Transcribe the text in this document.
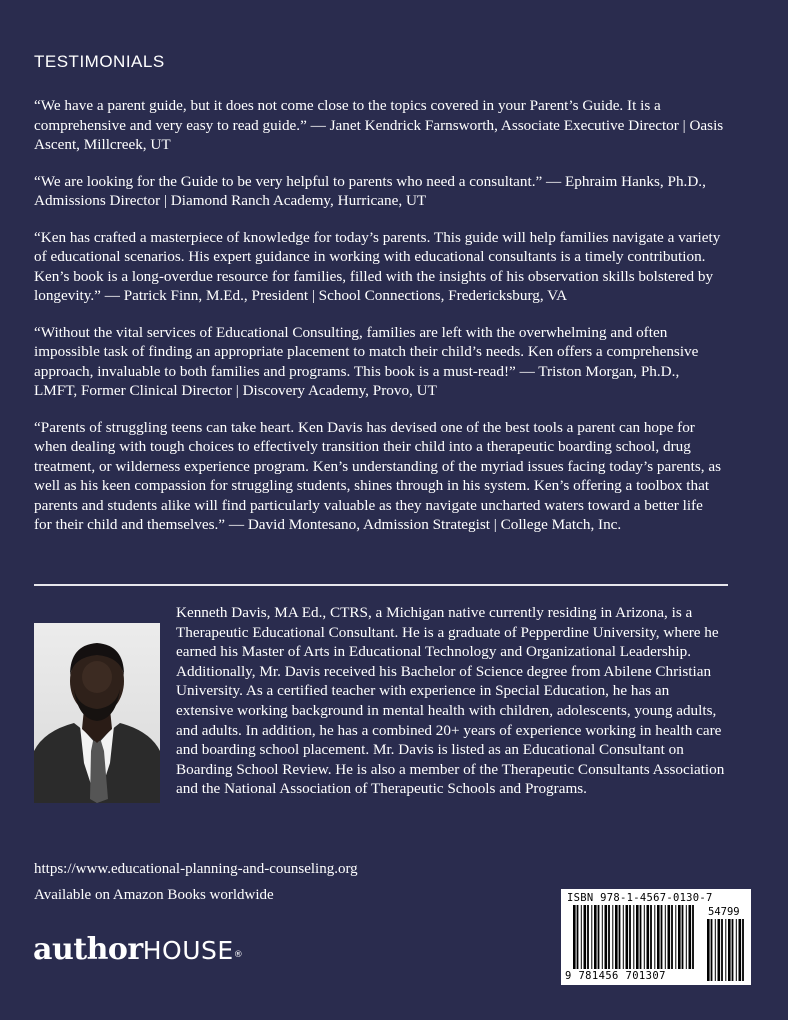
TESTIMONIALS

“We have a parent guide, but it does not come close to the topics covered in your Parent’s Guide. It is a comprehensive and very easy to read guide.” — Janet Kendrick Farnsworth, Associate Executive Director | Oasis Ascent, Millcreek, UT

“We are looking for the Guide to be very helpful to parents who need a consultant.” — Ephraim Hanks, Ph.D., Admissions Director | Diamond Ranch Academy, Hurricane, UT

“Ken has crafted a masterpiece of knowledge for today’s parents. This guide will help families navigate a variety of educational scenarios. His expert guidance in working with educational consultants is a timely contribution. Ken’s book is a long-overdue resource for families, filled with the insights of his observation skills bolstered by longevity.” — Patrick Finn, M.Ed., President | School Connections, Fredericksburg, VA

“Without the vital services of Educational Consulting, families are left with the overwhelming and often impossible task of finding an appropriate placement to match their child’s needs. Ken offers a comprehensive approach, invaluable to both families and programs. This book is a must-read!” — Triston Morgan, Ph.D., LMFT, Former Clinical Director | Discovery Academy, Provo, UT

“Parents of struggling teens can take heart. Ken Davis has devised one of the best tools a parent can hope for when dealing with tough choices to effectively transition their child into a therapeutic boarding school, drug treatment, or wilderness experience program. Ken’s understanding of the myriad issues facing today’s parents, as well as his keen compassion for struggling students, shines through in his system. Ken’s offering a toolbox that parents and students alike will find particularly valuable as they navigate uncharted waters toward a better life for their child and themselves.” — David Montesano, Admission Strategist | College Match, Inc.

Kenneth Davis, MA Ed., CTRS, a Michigan native currently residing in Arizona, is a Therapeutic Educational Consultant. He is a graduate of Pepperdine University, where he earned his Master of Arts in Educational Technology and Organizational Leadership. Additionally, Mr. Davis received his Bachelor of Science degree from Abilene Christian University. As a certified teacher with experience in Special Education, he has an extensive working background in mental health with children, adolescents, young adults, and adults. In addition, he has a combined 20+ years of experience working in health care and boarding school placement. Mr. Davis is listed as an Educational Consultant on Boarding School Review. He is also a member of the Therapeutic Consultants Association and the National Association of Therapeutic Schools and Programs.

https://www.educational-planning-and-counseling.org

Available on Amazon Books worldwide

authorHOUSE®
ISBN 978-1-4567-0130-7
54799
9 781456 701307
